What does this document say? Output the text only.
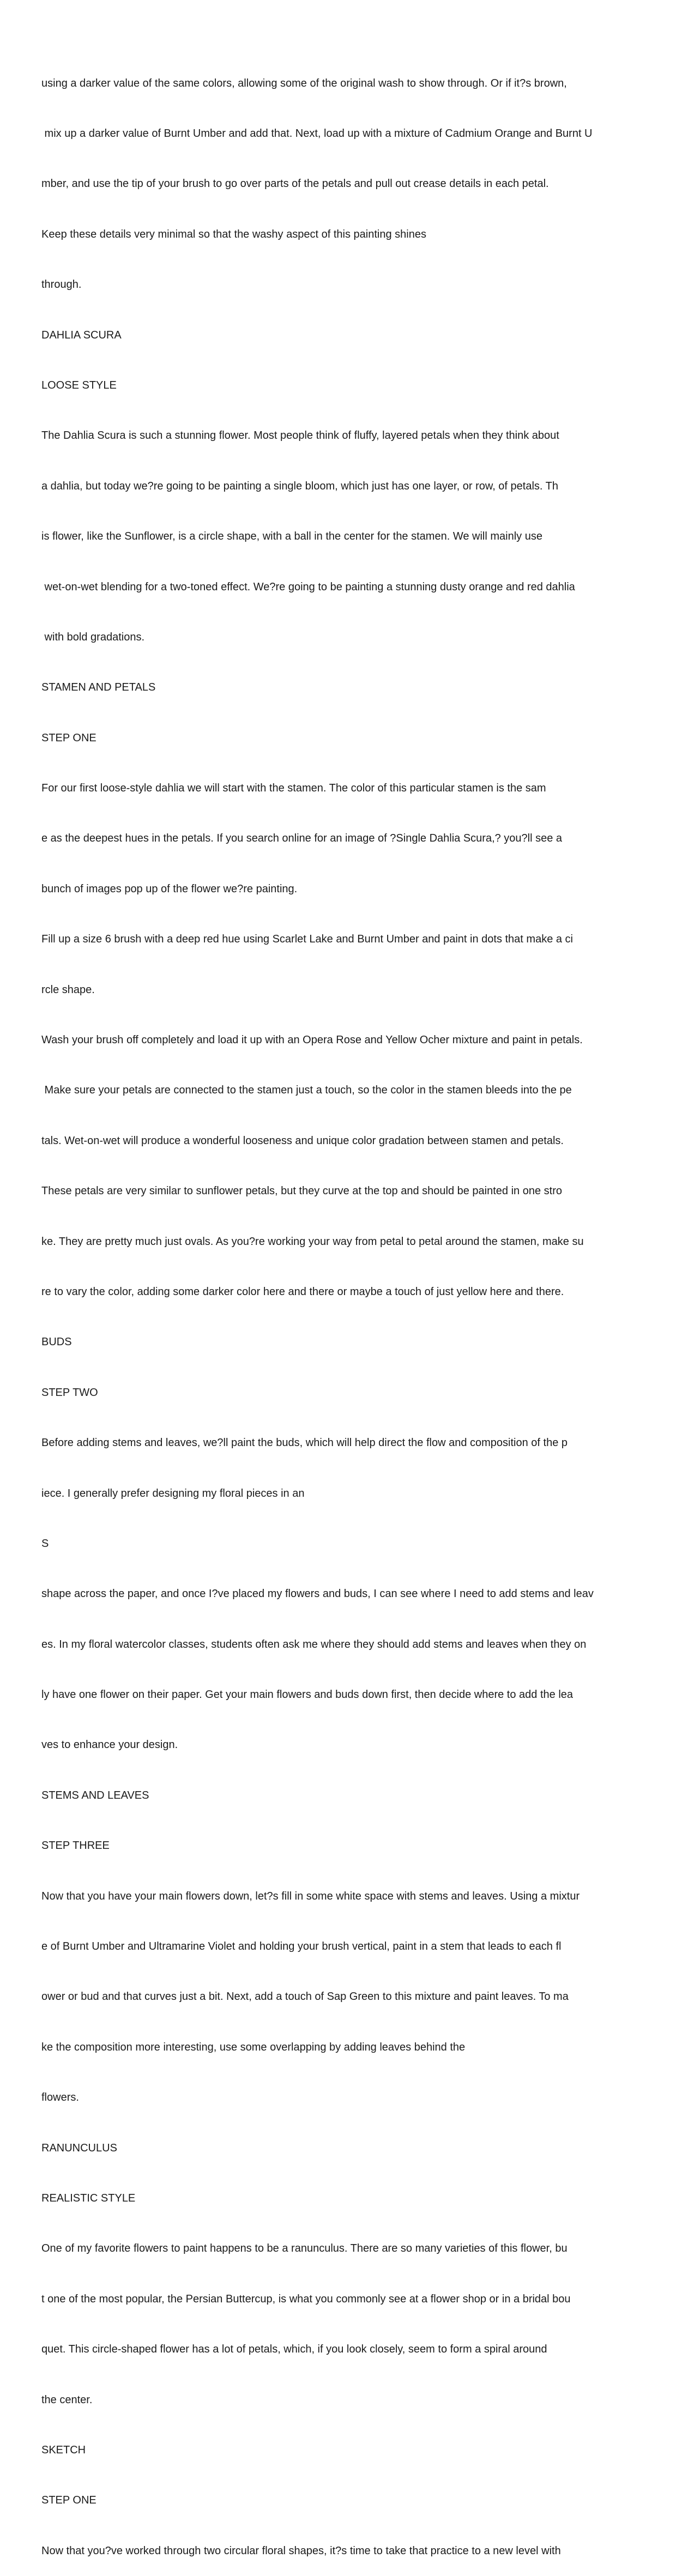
using a darker value of the same colors, allowing some of the original wash to show through. Or if it?s brown,

mix up a darker value of Burnt Umber and add that. Next, load up with a mixture of Cadmium Orange and Burnt U

mber, and use the tip of your brush to go over parts of the petals and pull out crease details in each petal.

Keep these details very minimal so that the washy aspect of this painting shines

through.

DAHLIA SCURA

LOOSE STYLE

The Dahlia Scura is such a stunning flower. Most people think of fluffy, layered petals when they think about

a dahlia, but today we?re going to be painting a single bloom, which just has one layer, or row, of petals. Th

is flower, like the Sunflower, is a circle shape, with a ball in the center for the stamen. We will mainly use

wet-on-wet blending for a two-toned effect. We?re going to be painting a stunning dusty orange and red dahlia

with bold gradations.

STAMEN AND PETALS

STEP ONE

For our first loose-style dahlia we will start with the stamen. The color of this particular stamen is the sam

e as the deepest hues in the petals. If you search online for an image of ?Single Dahlia Scura,? you?ll see a

bunch of images pop up of the flower we?re painting.

Fill up a size 6 brush with a deep red hue using Scarlet Lake and Burnt Umber and paint in dots that make a ci

rcle shape.

Wash your brush off completely and load it up with an Opera Rose and Yellow Ocher mixture and paint in petals.

Make sure your petals are connected to the stamen just a touch, so the color in the stamen bleeds into the pe

tals. Wet-on-wet will produce a wonderful looseness and unique color gradation between stamen and petals.

These petals are very similar to sunflower petals, but they curve at the top and should be painted in one stro

ke. They are pretty much just ovals. As you?re working your way from petal to petal around the stamen, make su

re to vary the color, adding some darker color here and there or maybe a touch of just yellow here and there.

BUDS

STEP TWO

Before adding stems and leaves, we?ll paint the buds, which will help direct the flow and composition of the p

iece. I generally prefer designing my floral pieces in an

S

shape across the paper, and once I?ve placed my flowers and buds, I can see where I need to add stems and leav

es. In my floral watercolor classes, students often ask me where they should add stems and leaves when they on

ly have one flower on their paper. Get your main flowers and buds down first, then decide where to add the lea

ves to enhance your design.

STEMS AND LEAVES

STEP THREE

Now that you have your main flowers down, let?s fill in some white space with stems and leaves. Using a mixtur

e of Burnt Umber and Ultramarine Violet and holding your brush vertical, paint in a stem that leads to each fl

ower or bud and that curves just a bit. Next, add a touch of Sap Green to this mixture and paint leaves. To ma

ke the composition more interesting, use some overlapping by adding leaves behind the

flowers.

RANUNCULUS

REALISTIC STYLE

One of my favorite flowers to paint happens to be a ranunculus. There are so many varieties of this flower, bu

t one of the most popular, the Persian Buttercup, is what you commonly see at a flower shop or in a bridal bou

quet. This circle-shaped flower has a lot of petals, which, if you look closely, seem to form a spiral around

the center.

SKETCH

STEP ONE

Now that you?ve worked through two circular floral shapes, it?s time to take that practice to a new level with
